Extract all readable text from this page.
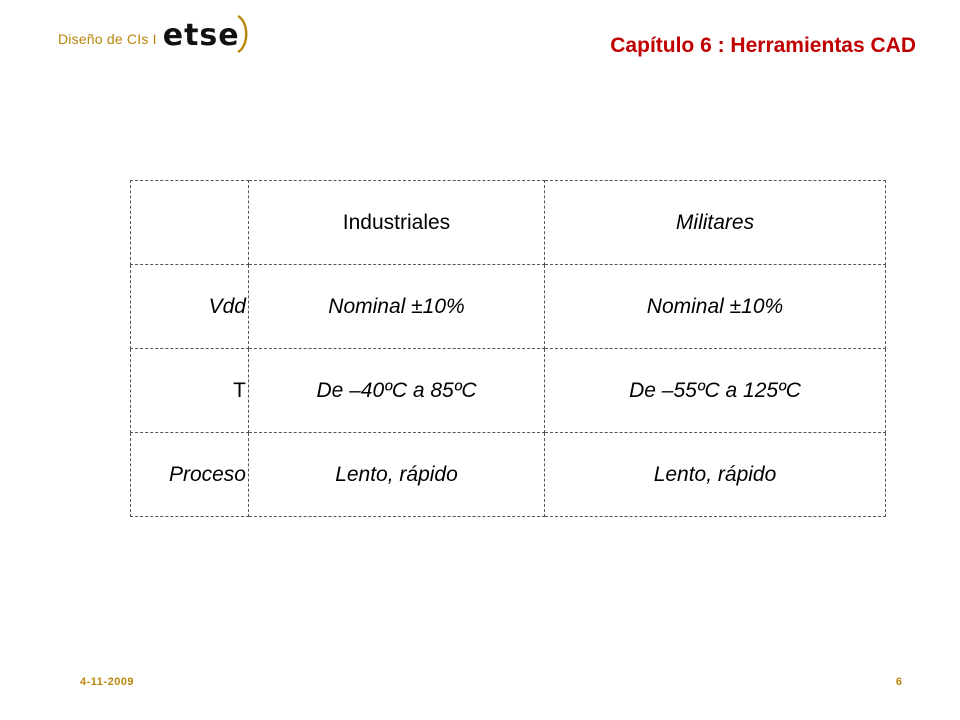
Diseño de CIs I etse	Capítulo 6 : Herramientas CAD
	Industriales	Militares
Vdd	Nominal ±10%	Nominal ±10%
T	De –40ºC a 85ºC	De –55ºC a 125ºC
Proceso	Lento, rápido	Lento, rápido
4-11-2009	6
